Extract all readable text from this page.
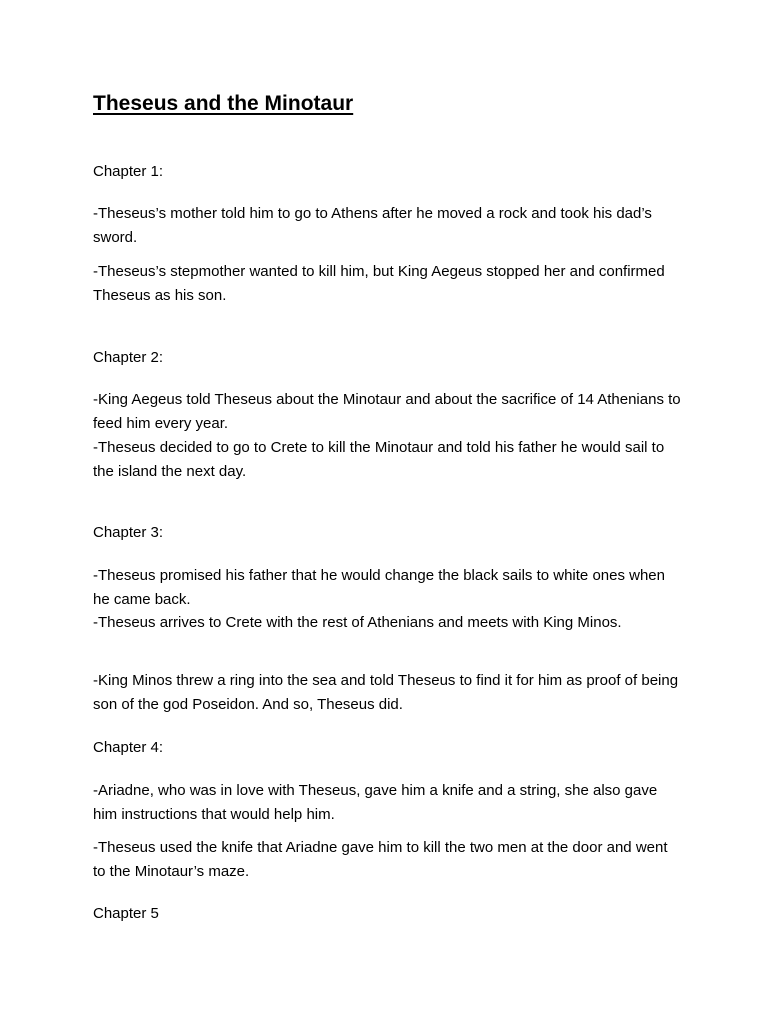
Theseus and the Minotaur

Chapter 1:

-Theseus’s mother told him to go to Athens after he moved a rock and took his dad’s sword.

-Theseus’s stepmother wanted to kill him, but King Aegeus stopped her and confirmed Theseus as his son.

Chapter 2:

-King Aegeus told Theseus about the Minotaur and about the sacrifice of 14 Athenians to feed him every year.

-Theseus decided to go to Crete to kill the Minotaur and told his father he would sail to the island the next day.

Chapter 3:

-Theseus promised his father that he would change the black sails to white ones when he came back.

-Theseus arrives to Crete with the rest of Athenians and meets with King Minos.

-King Minos threw a ring into the sea and told Theseus to find it for him as proof of being son of the god Poseidon. And so, Theseus did.

Chapter 4:

-Ariadne, who was in love with Theseus, gave him a knife and a string, she also gave him instructions that would help him.

-Theseus used the knife that Ariadne gave him to kill the two men at the door and went to the Minotaur’s maze.

Chapter 5
